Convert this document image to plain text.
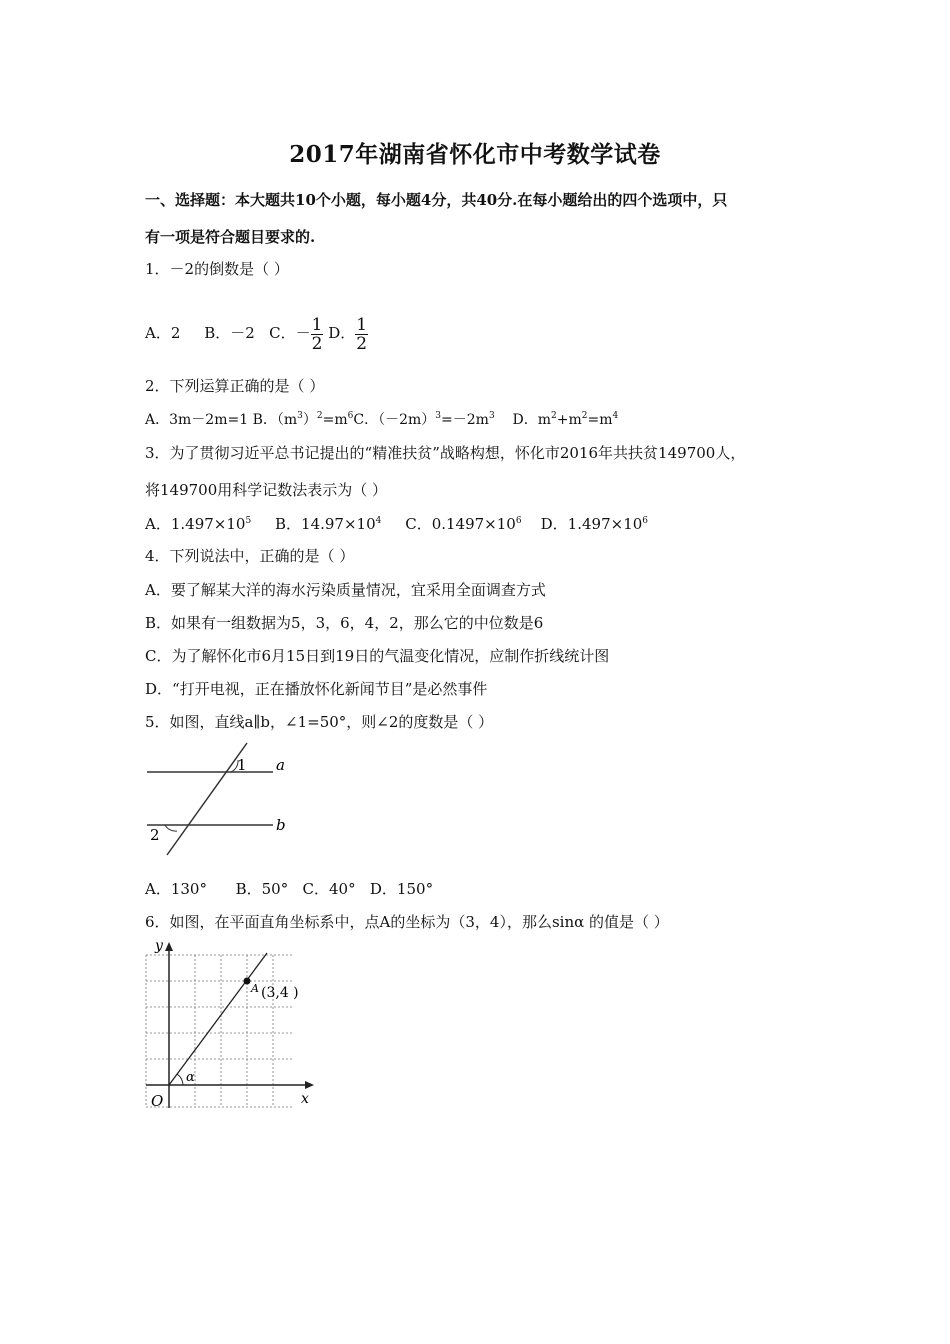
2017年湖南省怀化市中考数学试卷
一、选择题：本大题共10个小题，每小题4分，共40分.在每小题给出的四个选项中，只
有一项是符合题目要求的.
1．－2的倒数是（ ）
A．2 B．－2 C．－ $\frac{1}{2}$ D． $\frac{1}{2}$
2．下列运算正确的是（ ）
A．3m－2m=1 B．$(m^3)^2=m^6C$．$(-2m)^3=-2m^3$ D．$m^2+m^2=m^4$
3．为了贯彻习近平总书记提出的“精准扶贫”战略构想，怀化市2016年共扶贫149700人，
将149700用科学记数法表示为（ ）
A．$1.497\times 10^5$ B．$14.97\times 10^4$ C．$0.1497\times 10^6$ D．$1.497\times 10^6$
4．下列说法中，正确的是（ ）
A．要了解某大洋的海水污染质量情况，宜采用全面调查方式
B．如果有一组数据为5，3，6，4，2，那么它的中位数是6
C．为了解怀化市6月15日到19日的气温变化情况，应制作折线统计图
D．“打开电视，正在播放怀化新闻节目”是必然事件
5．如图，直线a∥b，∠1=50°，则∠2的度数是（ ）
1
2
a
b
A．130° B．50° C．40° D．150°
6．如图，在平面直角坐标系中，点A的坐标为（3，4），那么sinα 的值是（ ）
y
x
O
α
A (3,4 )
